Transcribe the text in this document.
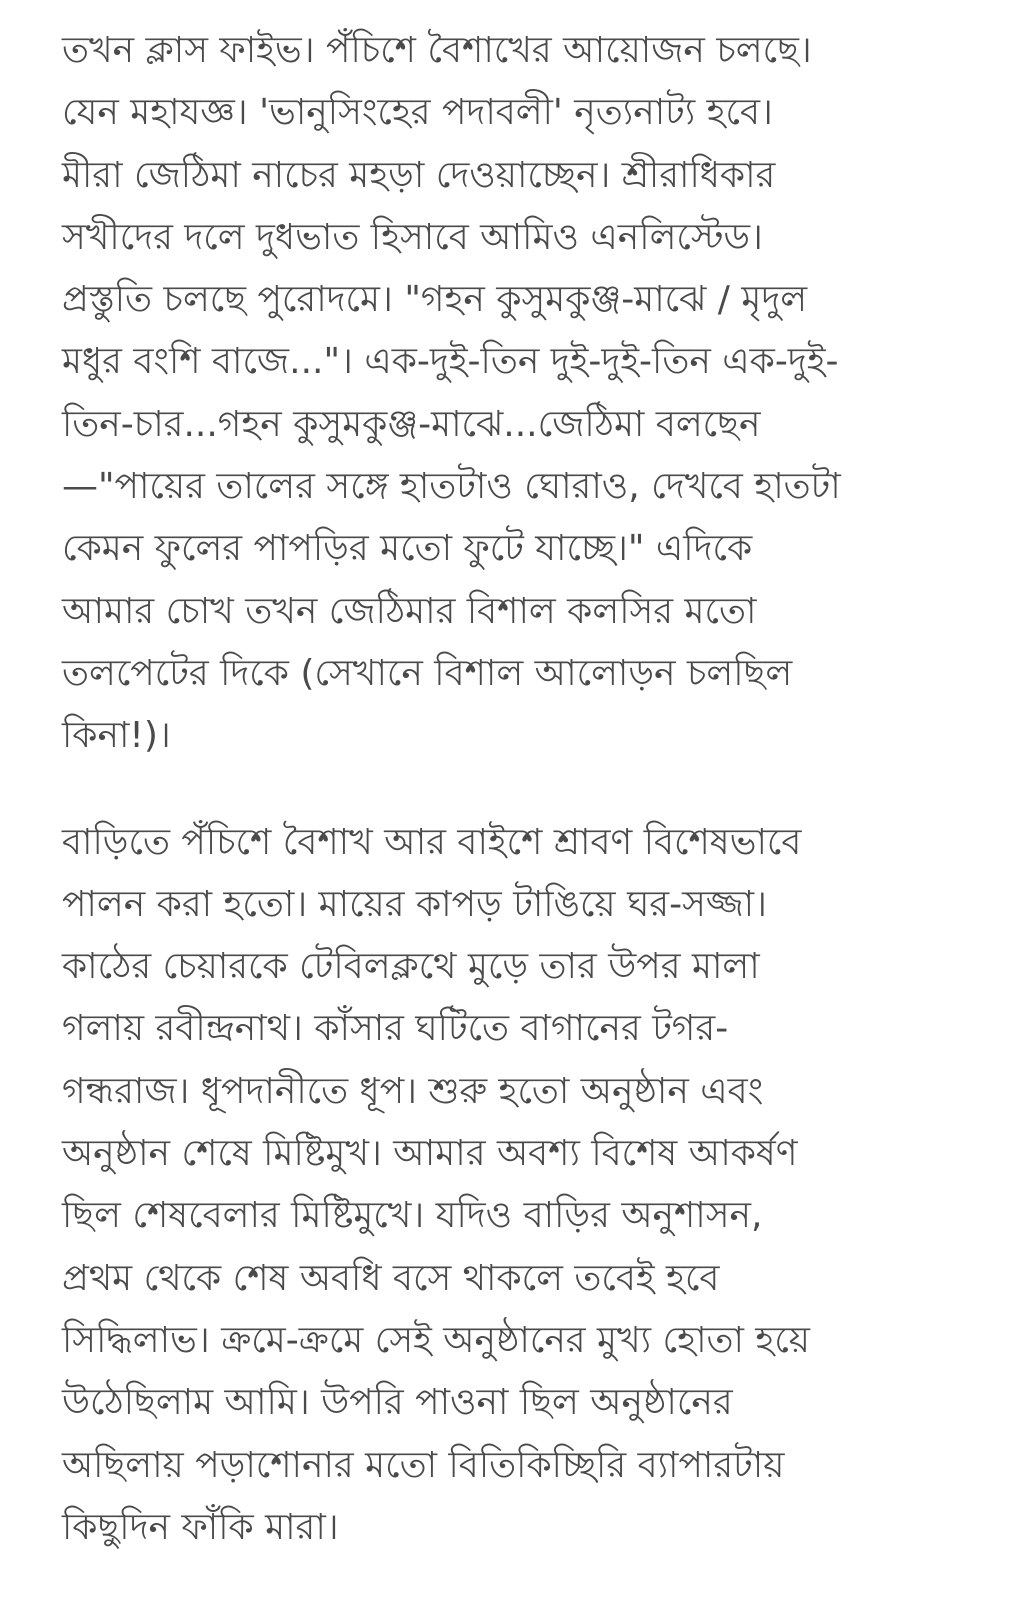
তখন ক্লাস ফাইভ। পঁচিশে বৈশাখের আয়োজন চলছে।
যেন মহাযজ্ঞ। 'ভানুসিংহের পদাবলী' নৃত্যনাট্য হবে।
মীরা জেঠিমা নাচের মহড়া দেওয়াচ্ছেন। শ্রীরাধিকার
সখীদের দলে দুধভাত হিসাবে আমিও এনলিস্টেড।
প্রস্তুতি চলছে পুরোদমে। "গহন কুসুমকুঞ্জ-মাঝে / মৃদুল
মধুর বংশি বাজে..."। এক-দুই-তিন দুই-দুই-তিন এক-দুই-
তিন-চার...গহন কুসুমকুঞ্জ-মাঝে...জেঠিমা বলছেন
—"পায়ের তালের সঙ্গে হাতটাও ঘোরাও, দেখবে হাতটা
কেমন ফুলের পাপড়ির মতো ফুটে যাচ্ছে।" এদিকে
আমার চোখ তখন জেঠিমার বিশাল কলসির মতো
তলপেটের দিকে (সেখানে বিশাল আলোড়ন চলছিল
কিনা!)।

বাড়িতে পঁচিশে বৈশাখ আর বাইশে শ্রাবণ বিশেষভাবে
পালন করা হতো। মায়ের কাপড় টাঙিয়ে ঘর-সজ্জা।
কাঠের চেয়ারকে টেবিলক্লথে মুড়ে তার উপর মালা
গলায় রবীন্দ্রনাথ। কাঁসার ঘটিতে বাগানের টগর-
গন্ধরাজ। ধূপদানীতে ধূপ। শুরু হতো অনুষ্ঠান এবং
অনুষ্ঠান শেষে মিষ্টিমুখ। আমার অবশ্য বিশেষ আকর্ষণ
ছিল শেষবেলার মিষ্টিমুখে। যদিও বাড়ির অনুশাসন,
প্রথম থেকে শেষ অবধি বসে থাকলে তবেই হবে
সিদ্ধিলাভ। ক্রমে-ক্রমে সেই অনুষ্ঠানের মুখ্য হোতা হয়ে
উঠেছিলাম আমি। উপরি পাওনা ছিল অনুষ্ঠানের
অছিলায় পড়াশোনার মতো বিতিকিচ্ছিরি ব্যাপারটায়
কিছুদিন ফাঁকি মারা।
